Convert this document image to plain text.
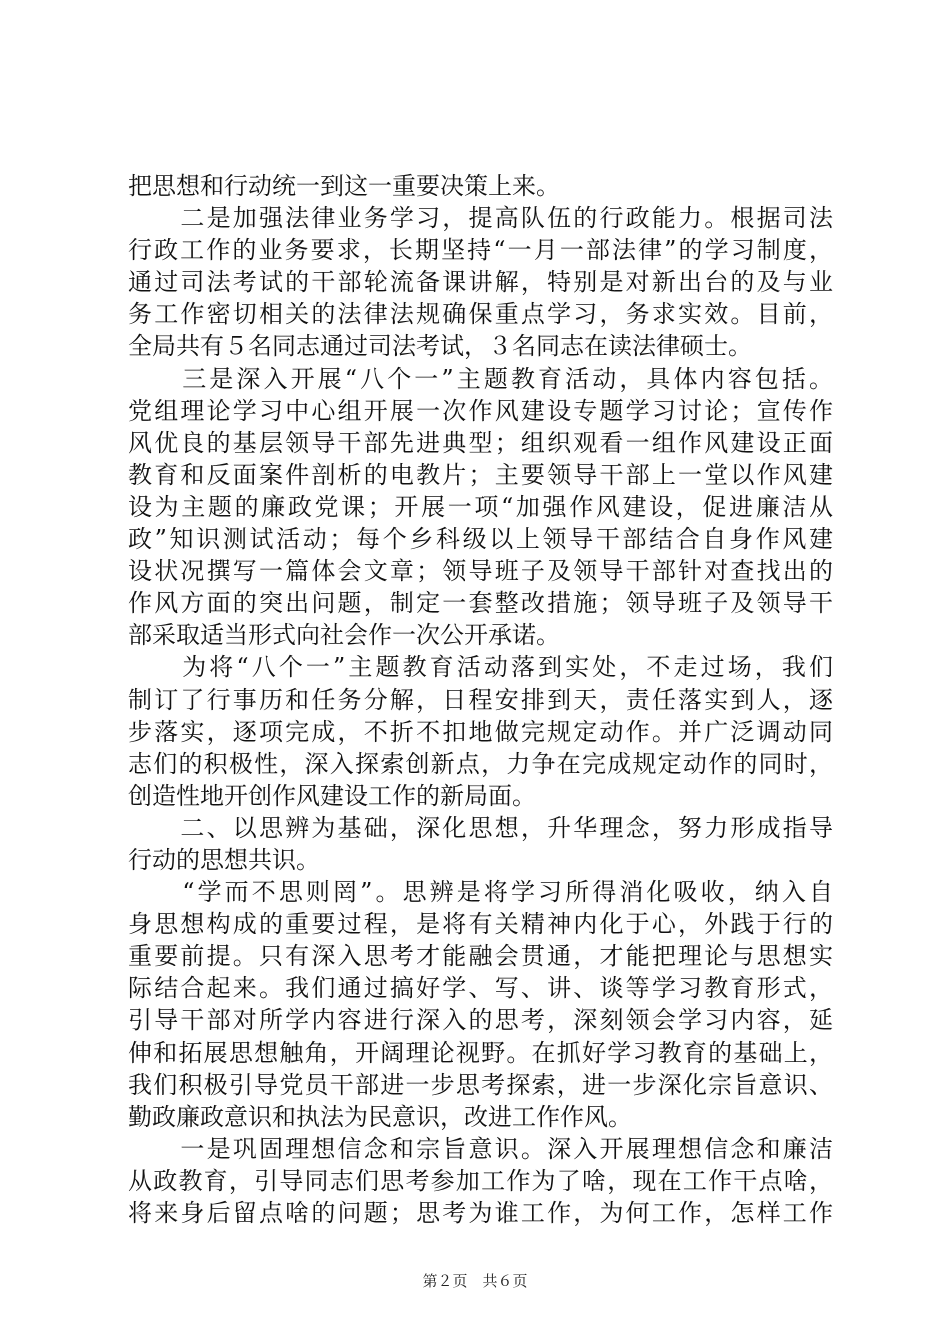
把思想和行动统一到这一重要决策上来。
　　二是加强法律业务学习，提高队伍的行政能力。根据司法
行政工作的业务要求，长期坚持“一月一部法律”的学习制度，
通过司法考试的干部轮流备课讲解，特别是对新出台的及与业
务工作密切相关的法律法规确保重点学习，务求实效。目前，
全局共有５名同志通过司法考试，３名同志在读法律硕士。
　　三是深入开展“八个一”主题教育活动，具体内容包括。
党组理论学习中心组开展一次作风建设专题学习讨论；宣传作
风优良的基层领导干部先进典型；组织观看一组作风建设正面
教育和反面案件剖析的电教片；主要领导干部上一堂以作风建
设为主题的廉政党课；开展一项“加强作风建设，促进廉洁从
政”知识测试活动；每个乡科级以上领导干部结合自身作风建
设状况撰写一篇体会文章；领导班子及领导干部针对查找出的
作风方面的突出问题，制定一套整改措施；领导班子及领导干
部采取适当形式向社会作一次公开承诺。
　　为将“八个一”主题教育活动落到实处，不走过场，我们
制订了行事历和任务分解，日程安排到天，责任落实到人，逐
步落实，逐项完成，不折不扣地做完规定动作。并广泛调动同
志们的积极性，深入探索创新点，力争在完成规定动作的同时，
创造性地开创作风建设工作的新局面。
　　二、以思辨为基础，深化思想，升华理念，努力形成指导
行动的思想共识。
　　“学而不思则罔”。思辨是将学习所得消化吸收，纳入自
身思想构成的重要过程，是将有关精神内化于心，外践于行的
重要前提。只有深入思考才能融会贯通，才能把理论与思想实
际结合起来。我们通过搞好学、写、讲、谈等学习教育形式，
引导干部对所学内容进行深入的思考，深刻领会学习内容，延
伸和拓展思想触角，开阔理论视野。在抓好学习教育的基础上，
我们积极引导党员干部进一步思考探索，进一步深化宗旨意识、
勤政廉政意识和执法为民意识，改进工作作风。
　　一是巩固理想信念和宗旨意识。深入开展理想信念和廉洁
从政教育，引导同志们思考参加工作为了啥，现在工作干点啥，
将来身后留点啥的问题；思考为谁工作，为何工作，怎样工作
第２页　共６页
